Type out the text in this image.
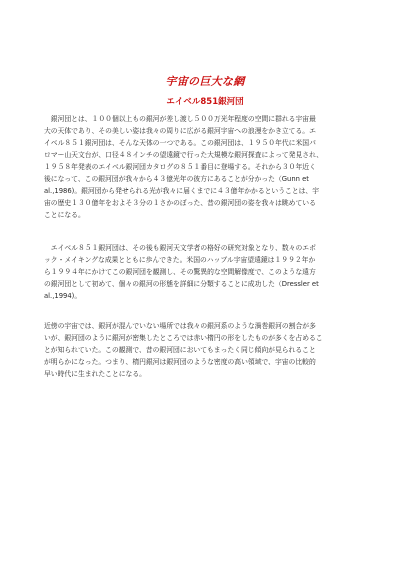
宇宙の巨大な網
エイベル851銀河団
　銀河団とは、１００個以上もの銀河が差し渡し５００万光年程度の空間に群れる宇宙最
大の天体であり、その美しい姿は我々の周りに広がる銀河宇宙への浪漫をかき立てる。エ
イベル８５１銀河団は、そんな天体の一つである。この銀河団は、１９５０年代に米国パ
ロマー山天文台が、口径４８インチの望遠鏡で行った大規模な銀河探査によって発見され、
１９５８年発表のエイベル銀河団カタログの８５１番目に登場する。それから３０年近く
後になって、この銀河団が我々から４３億光年の彼方にあることが分かった（Gunn et
al.,1986)。銀河団から発せられる光が我々に届くまでに４３億年かかるということは、宇
宙の歴史１３０億年をおよそ３分の１さかのぼった、昔の銀河団の姿を我々は眺めている
ことになる。
　エイベル８５１銀河団は、その後も銀河天文学者の格好の研究対象となり、数々のエポ
ック・メイキングな成果とともに歩んできた。米国のハッブル宇宙望遠鏡は１９９２年か
ら１９９４年にかけてこの銀河団を観測し、その驚異的な空間解像度で、このような遠方
の銀河団として初めて、個々の銀河の形態を詳細に分類することに成功した（Dressler et
al.,1994)。
近傍の宇宙では、銀河が混んでいない場所では我々の銀河系のような渦巻銀河の割合が多
いが、銀河団のように銀河が密集したところでは赤い楕円の形をしたものが多くを占めるこ
とが知られていた。この観測で、昔の銀河団においてもまったく同じ傾向が見られること
が明らかになった。つまり、楕円銀河は銀河団のような密度の高い領域で、宇宙の比較的
早い時代に生まれたことになる。
